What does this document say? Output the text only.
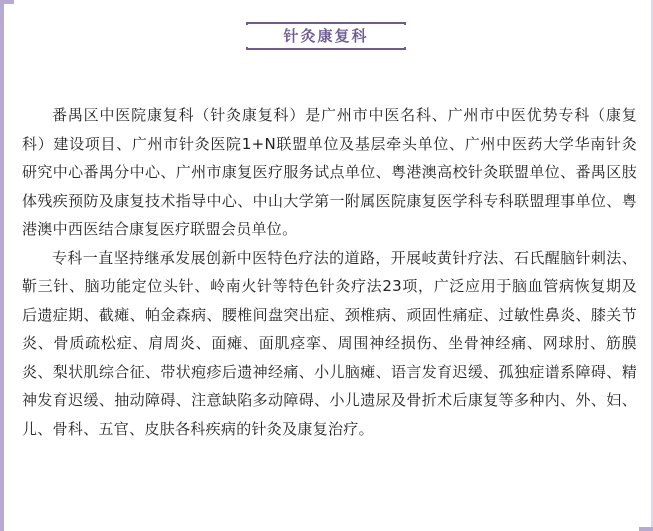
针灸康复科

番禺区中医院康复科（针灸康复科）是广州市中医名科、广州市中医优势专科（康复科）建设项目、广州市针灸医院1+N联盟单位及基层牵头单位、广州中医药大学华南针灸研究中心番禺分中心、广州市康复医疗服务试点单位、粤港澳高校针灸联盟单位、番禺区肢体残疾预防及康复技术指导中心、中山大学第一附属医院康复医学科专科联盟理事单位、粤港澳中西医结合康复医疗联盟会员单位。

专科一直坚持继承发展创新中医特色疗法的道路，开展岐黄针疗法、石氏醒脑针刺法、靳三针、脑功能定位头针、岭南火针等特色针灸疗法23项，广泛应用于脑血管病恢复期及后遗症期、截瘫、帕金森病、腰椎间盘突出症、颈椎病、顽固性痛症、过敏性鼻炎、膝关节炎、骨质疏松症、肩周炎、面瘫、面肌痉挛、周围神经损伤、坐骨神经痛、网球肘、筋膜炎、梨状肌综合征、带状疱疹后遗神经痛、小儿脑瘫、语言发育迟缓、孤独症谱系障碍、精神发育迟缓、抽动障碍、注意缺陷多动障碍、小儿遗尿及骨折术后康复等多种内、外、妇、儿、骨科、五官、皮肤各科疾病的针灸及康复治疗。
